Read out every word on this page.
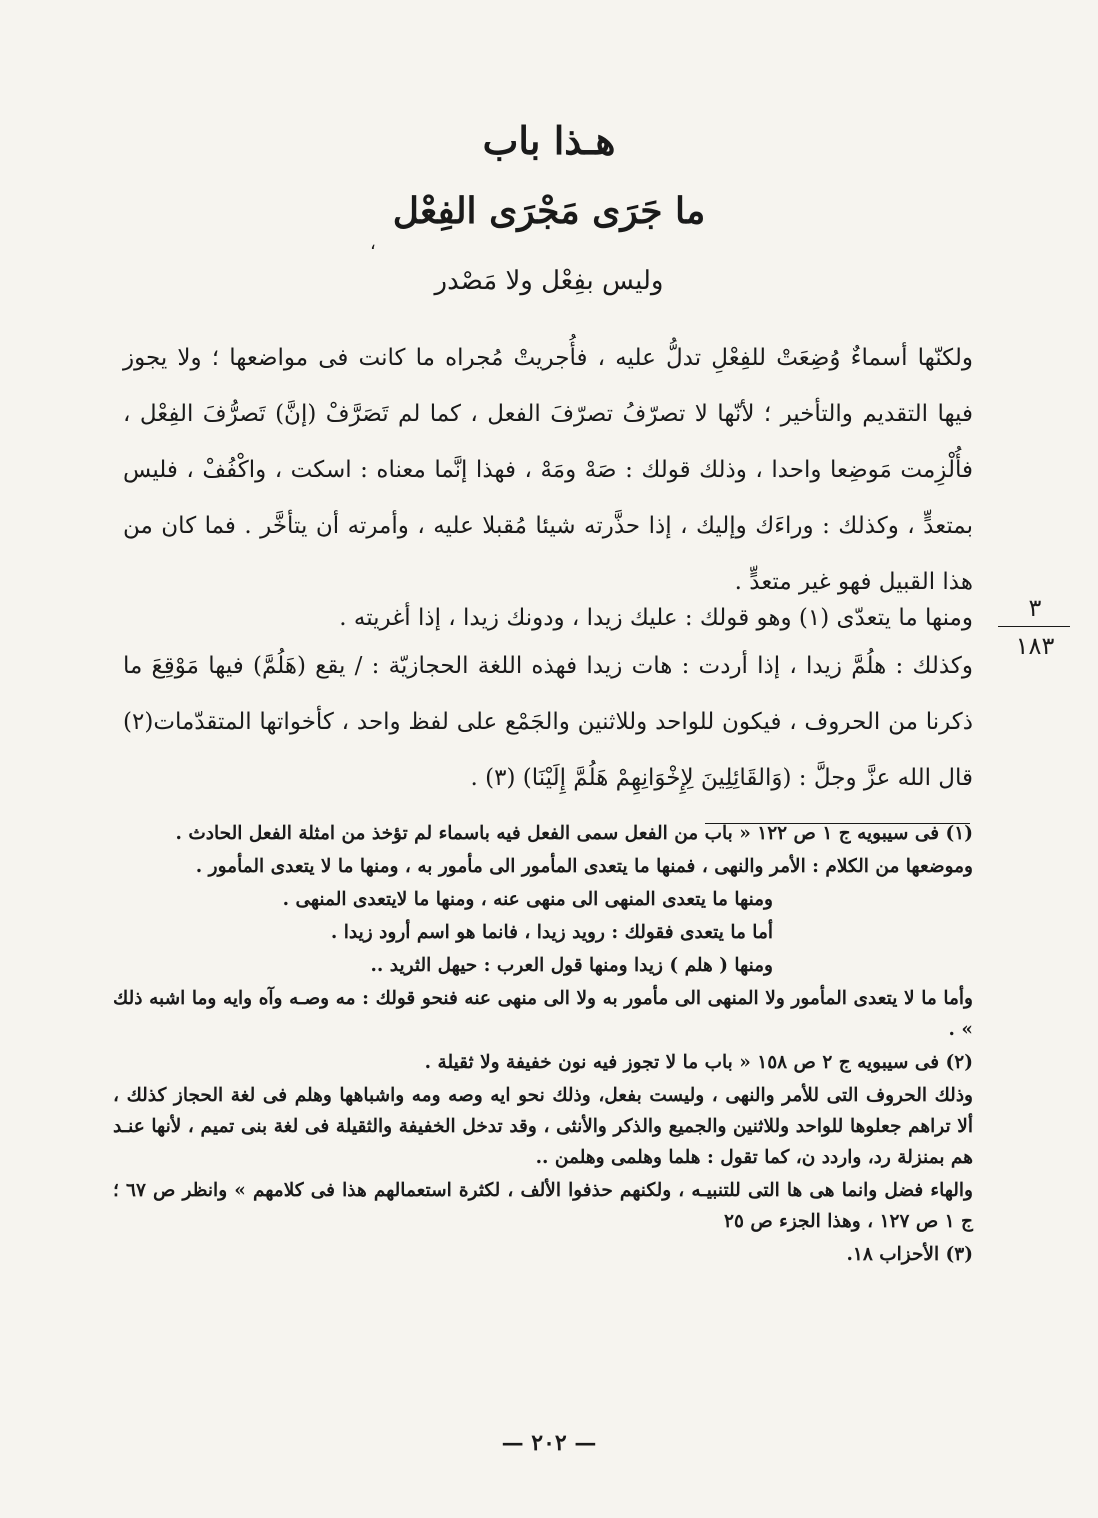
هـذا باب
ما جَرَى مَجْرَى الفِعْل
،
وليس بفِعْل ولا مَصْدر
ولكنّها أسماءٌ وُضِعَتْ للفِعْلِ تدلُّ عليه ، فأُجريتْ مُجراه ما كانت فى مواضعها ؛ ولا يجوز فيها التقديم والتأخير ؛ لأنّها لا تصرّفُ تصرّفَ الفعل ، كما لم تَصَرَّفْ (إنَّ) تَصرُّفَ الفِعْل ، فأُلْزِمت مَوضِعا واحدا ، وذلك قولك : صَهْ ومَهْ ، فهذا إنَّما معناه : اسكت ، واكْفُفْ ، فليس بمتعدٍّ ، وكذلك : وراءَك وإليك ، إذا حذَّرته شيئا مُقبلا عليه ، وأمرته أن يتأخَّر . فما كان من هذا القبيل فهو غير متعدٍّ .
ومنها ما يتعدّى (١) وهو قولك : عليك زيدا ، ودونك زيدا ، إذا أغريته .
وكذلك : هلُمَّ زيدا ، إذا أردت : هات زيدا فهذه اللغة الحجازيّة : / يقع (هَلُمَّ) فيها مَوْقِعَ ما ذكرنا من الحروف ، فيكون للواحد وللاثنين والجَمْع على لفظ واحد ، كأخواتها المتقدّمات(٢) قال الله عزَّ وجلَّ : (وَالقَائِلِينَ لِإِخْوَانِهِمْ هَلُمَّ إِلَيْنَا) (٣) .
٣
١٨٣

(١) فى سيبويه ج ١ ص ١٢٢ « باب من الفعل سمى الفعل فيه باسماء لم تؤخذ من امثلة الفعل الحادث .

وموضعها من الكلام : الأمر والنهى ، فمنها ما يتعدى المأمور الى مأمور به ، ومنها ما لا يتعدى المأمور .

ومنها ما يتعدى المنهى الى منهى عنه ، ومنها ما لايتعدى المنهى .

أما ما يتعدى فقولك : رويد زيدا ، فانما هو اسم أرود زيدا .

ومنها ( هلم ) زيدا ومنها قول العرب : حيهل الثريد ..

وأما ما لا يتعدى المأمور ولا المنهى الى مأمور به ولا الى منهى عنه فنحو قولك : مه وصـه وآه وايه وما اشبه ذلك » .

(٢) فى سيبويه ج ٢ ص ١٥٨ « باب ما لا تجوز فيه نون خفيفة ولا ثقيلة .

وذلك الحروف التى للأمر والنهى ، وليست بفعل، وذلك نحو ايه وصه ومه واشباهها وهلم فى لغة الحجاز كذلك ، ألا تراهم جعلوها للواحد وللاثنين والجميع والذكر والأنثى ، وقد تدخل الخفيفة والثقيلة فى لغة بنى تميم ، لأنها عنـد هم بمنزلة رد، واردد ن، كما تقول : هلما وهلمى وهلمن ..

والهاء فضل وانما هى ها التى للتنبيـه ، ولكنهم حذفوا الألف ، لكثرة استعمالهم هذا فى كلامهم » وانظر ص ٦٧ ؛ ج ١ ص ١٢٧ ، وهذا الجزء ص ٢٥

(٣) الأحزاب ١٨.

— ٢٠٢ —
